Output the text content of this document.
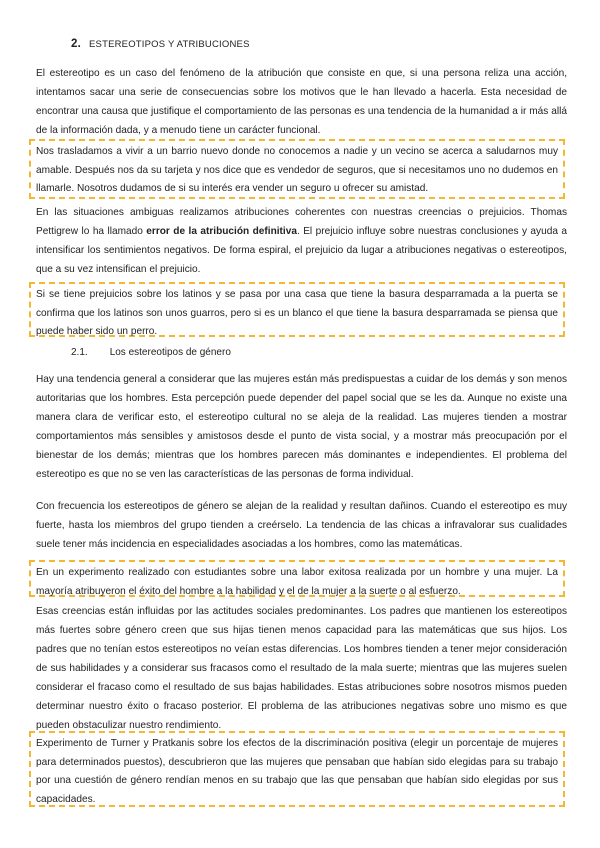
2. ESTEREOTIPOS Y ATRIBUCIONES

El estereotipo es un caso del fenómeno de la atribución que consiste en que, si una persona reliza una acción, intentamos sacar una serie de consecuencias sobre los motivos que le han llevado a hacerla. Esta necesidad de encontrar una causa que justifique el comportamiento de las personas es una tendencia de la humanidad a ir más allá de la información dada, y a menudo tiene un carácter funcional.

Nos trasladamos a vivir a un barrio nuevo donde no conocemos a nadie y un vecino se acerca a saludarnos muy amable. Después nos da su tarjeta y nos dice que es vendedor de seguros, que si necesitamos uno no dudemos en llamarle. Nosotros dudamos de si su interés era vender un seguro u ofrecer su amistad.

En las situaciones ambiguas realizamos atribuciones coherentes con nuestras creencias o prejuicios. Thomas Pettigrew lo ha llamado error de la atribución definitiva. El prejuicio influye sobre nuestras conclusiones y ayuda a intensificar los sentimientos negativos. De forma espiral, el prejuicio da lugar a atribuciones negativas o estereotipos, que a su vez intensifican el prejuicio.

Si se tiene prejuicios sobre los latinos y se pasa por una casa que tiene la basura desparramada a la puerta se confirma que los latinos son unos guarros, pero si es un blanco el que tiene la basura desparramada se piensa que puede haber sido un perro.

2.1. Los estereotipos de género

Hay una tendencia general a considerar que las mujeres están más predispuestas a cuidar de los demás y son menos autoritarias que los hombres. Esta percepción puede depender del papel social que se les da. Aunque no existe una manera clara de verificar esto, el estereotipo cultural no se aleja de la realidad. Las mujeres tienden a mostrar comportamientos más sensibles y amistosos desde el punto de vista social, y a mostrar más preocupación por el bienestar de los demás; mientras que los hombres parecen más dominantes e independientes. El problema del estereotipo es que no se ven las características de las personas de forma individual.

Con frecuencia los estereotipos de género se alejan de la realidad y resultan dañinos. Cuando el estereotipo es muy fuerte, hasta los miembros del grupo tienden a creérselo. La tendencia de las chicas a infravalorar sus cualidades suele tener más incidencia en especialidades asociadas a los hombres, como las matemáticas.

En un experimento realizado con estudiantes sobre una labor exitosa realizada por un hombre y una mujer. La mayoría atribuyeron el éxito del hombre a la habilidad y el de la mujer a la suerte o al esfuerzo.

Esas creencias están influidas por las actitudes sociales predominantes. Los padres que mantienen los estereotipos más fuertes sobre género creen que sus hijas tienen menos capacidad para las matemáticas que sus hijos. Los padres que no tenían estos estereotipos no veían estas diferencias. Los hombres tienden a tener mejor consideración de sus habilidades y a considerar sus fracasos como el resultado de la mala suerte; mientras que las mujeres suelen considerar el fracaso como el resultado de sus bajas habilidades. Estas atribuciones sobre nosotros mismos pueden determinar nuestro éxito o fracaso posterior. El problema de las atribuciones negativas sobre uno mismo es que pueden obstaculizar nuestro rendimiento.

Experimento de Turner y Pratkanis sobre los efectos de la discriminación positiva (elegir un porcentaje de mujeres para determinados puestos), descubrieron que las mujeres que pensaban que habían sido elegidas para su trabajo por una cuestión de género rendían menos en su trabajo que las que pensaban que habían sido elegidas por sus capacidades.
